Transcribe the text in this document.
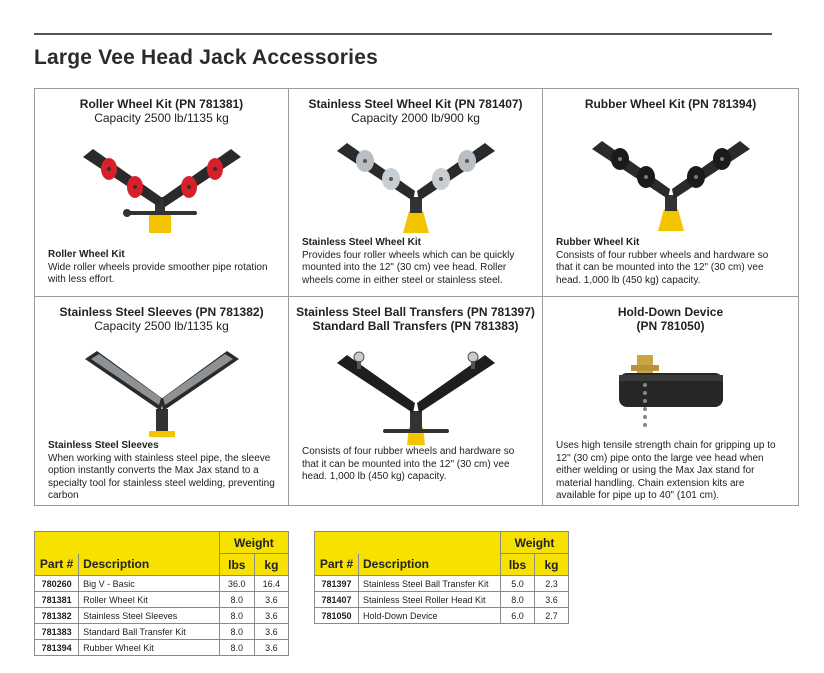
Large Vee Head Jack Accessories
Roller Wheel Kit (PN 781381)
Capacity 2500 lb/1135 kg
Roller Wheel Kit
Wide roller wheels provide smoother pipe rotation with less effort.
Stainless Steel Wheel Kit (PN 781407)
Capacity 2000 lb/900 kg
Stainless Steel Wheel Kit
Provides four roller wheels which can be quickly mounted into the 12" (30 cm) vee head. Roller wheels come in either steel or stainless steel.
Rubber Wheel Kit (PN 781394)
Rubber Wheel Kit
Consists of four rubber wheels and hardware so that it can be mounted into the 12" (30 cm) vee head. 1,000 lb (450 kg) capacity.
Stainless Steel Sleeves (PN 781382)
Capacity 2500 lb/1135 kg
Stainless Steel Sleeves
When working with stainless steel pipe, the sleeve option instantly converts the Max Jax stand to a specialty tool for stainless steel welding, preventing carbon
Stainless Steel Ball Transfers (PN 781397)
Standard Ball Transfers (PN 781383)
Consists of four rubber wheels and hardware so that it can be mounted into the 12" (30 cm) vee head. 1,000 lb (450 kg) capacity.
Hold-Down Device
(PN 781050)
Uses high tensile strength chain for gripping up to 12" (30 cm) pipe onto the large vee head when either welding or using the Max Jax stand for material handling. Chain extension kits are available for pipe up to 40" (101 cm).
		Weight	
Part #	Description	lbs	kg
780260	Big V - Basic	36.0	16.4
781381	Roller Wheel Kit	8.0	3.6
781382	Stainless Steel Sleeves	8.0	3.6
781383	Standard Ball Transfer Kit	8.0	3.6
781394	Rubber Wheel Kit	8.0	3.6
		Weight	
Part #	Description	lbs	kg
781397	Stainless Steel Ball Transfer Kit	5.0	2.3
781407	Stainless Steel Roller Head Kit	8.0	3.6
781050	Hold-Down Device	6.0	2.7
